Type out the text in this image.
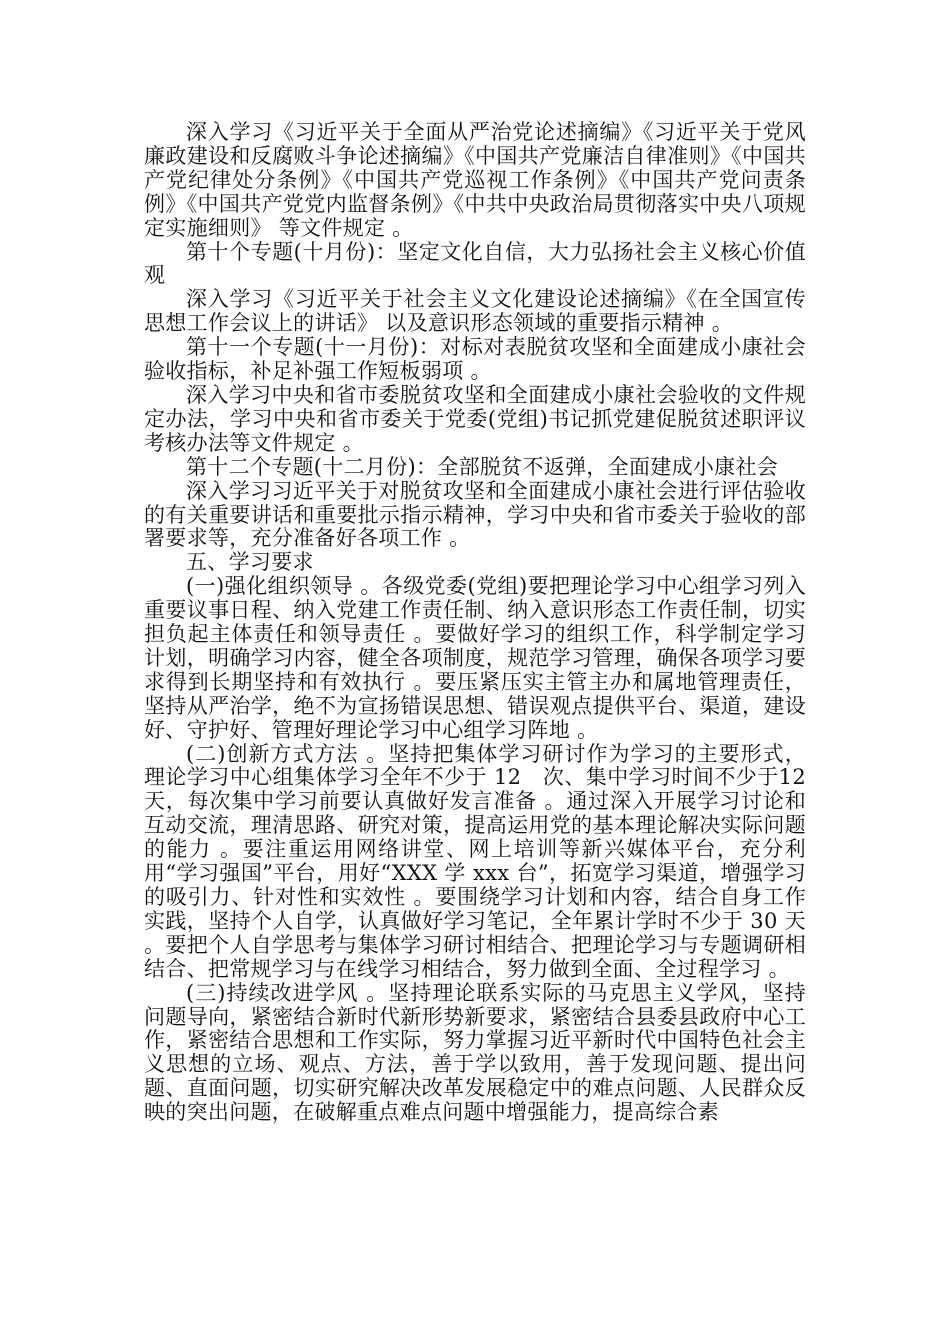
深入学习《习近平关于全面从严治党论述摘编》《习近平关于党风廉政建设和反腐败斗争论述摘编》《中国共产党廉洁自律准则》《中国共产党纪律处分条例》《中国共产党巡视工作条例》《中国共产党问责条例》《中国共产党党内监督条例》《中共中央政治局贯彻落实中央八项规定实施细则》 等文件规定 。

第十个专题(十月份)：坚定文化自信，大力弘扬社会主义核心价值观

深入学习《习近平关于社会主义文化建设论述摘编》《在全国宣传思想工作会议上的讲话》 以及意识形态领域的重要指示精神 。

第十一个专题(十一月份)：对标对表脱贫攻坚和全面建成小康社会验收指标，补足补强工作短板弱项 。

深入学习中央和省市委脱贫攻坚和全面建成小康社会验收的文件规定办法，学习中央和省市委关于党委(党组)书记抓党建促脱贫述职评议考核办法等文件规定 。

第十二个专题(十二月份)：全部脱贫不返弹，全面建成小康社会

深入学习习近平关于对脱贫攻坚和全面建成小康社会进行评估验收的有关重要讲话和重要批示指示精神，学习中央和省市委关于验收的部署要求等，充分准备好各项工作 。

五、学习要求

(一)强化组织领导 。各级党委(党组)要把理论学习中心组学习列入重要议事日程、纳入党建工作责任制、纳入意识形态工作责任制，切实担负起主体责任和领导责任 。要做好学习的组织工作，科学制定学习计划，明确学习内容，健全各项制度，规范学习管理，确保各项学习要求得到长期坚持和有效执行 。要压紧压实主管主办和属地管理责任，坚持从严治学，绝不为宣扬错误思想、错误观点提供平台、渠道，建设好、守护好、管理好理论学习中心组学习阵地 。

(二)创新方式方法 。坚持把集体学习研讨作为学习的主要形式，理论学习中心组集体学习全年不少于 12　次、集中学习时间不少于12 天，每次集中学习前要认真做好发言准备 。通过深入开展学习讨论和互动交流，理清思路、研究对策，提高运用党的基本理论解决实际问题的能力 。要注重运用网络讲堂、网上培训等新兴媒体平台，充分利用“学习强国”平台，用好“XXX 学 xxx 台”，拓宽学习渠道，增强学习的吸引力、针对性和实效性 。要围绕学习计划和内容，结合自身工作实践，坚持个人自学，认真做好学习笔记，全年累计学时不少于 30 天 。要把个人自学思考与集体学习研讨相结合、把理论学习与专题调研相结合、把常规学习与在线学习相结合，努力做到全面、全过程学习 。

(三)持续改进学风 。坚持理论联系实际的马克思主义学风，坚持问题导向，紧密结合新时代新形势新要求，紧密结合县委县政府中心工作，紧密结合思想和工作实际，努力掌握习近平新时代中国特色社会主义思想的立场、观点、方法，善于学以致用，善于发现问题、提出问题、直面问题，切实研究解决改革发展稳定中的难点问题、人民群众反映的突出问题，在破解重点难点问题中增强能力，提高综合素
